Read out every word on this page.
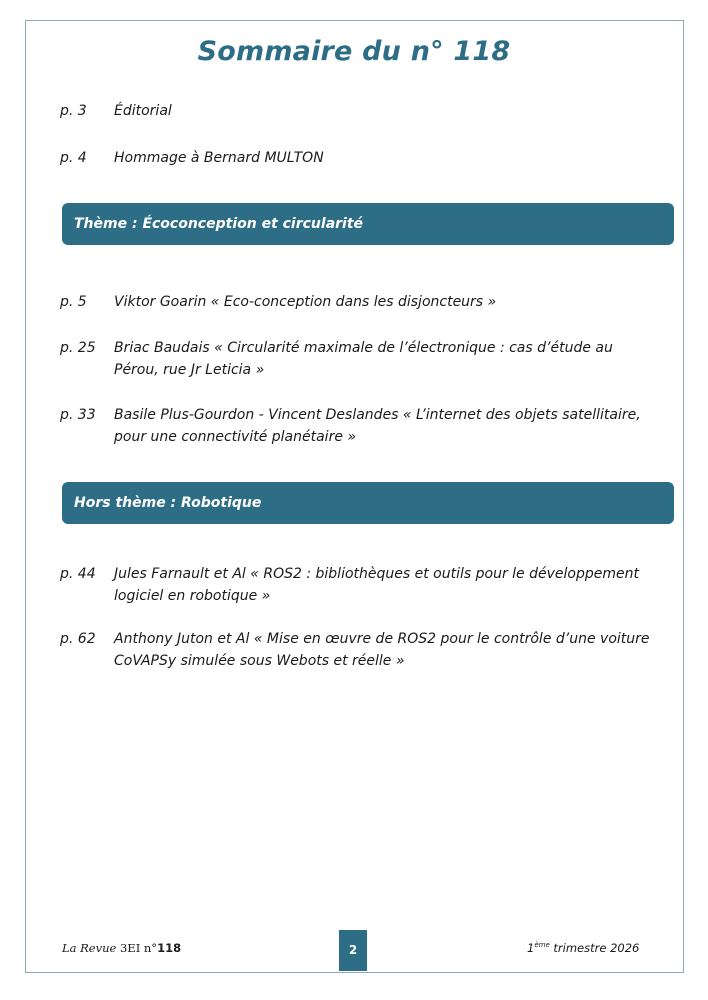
Sommaire du n° 118
p. 3	Éditorial
p. 4	Hommage à Bernard MULTON
Thème : Écoconception et circularité
p. 5	Viktor Goarin « Eco-conception dans les disjoncteurs »
p. 25	Briac Baudais « Circularité maximale de l’électronique : cas d’étude au Pérou, rue Jr Leticia »
p. 33	Basile Plus-Gourdon - Vincent Deslandes « L’internet des objets satellitaire, pour une connectivité planétaire »
Hors thème : Robotique
p. 44	Jules Farnault et Al « ROS2 : bibliothèques et outils pour le développement logiciel en robotique »
p. 62	Anthony Juton et Al « Mise en œuvre de ROS2 pour le contrôle d’une voiture CoVAPSy simulée sous Webots et réelle »
La Revue 3EI n°118	2	1ème trimestre 2026
